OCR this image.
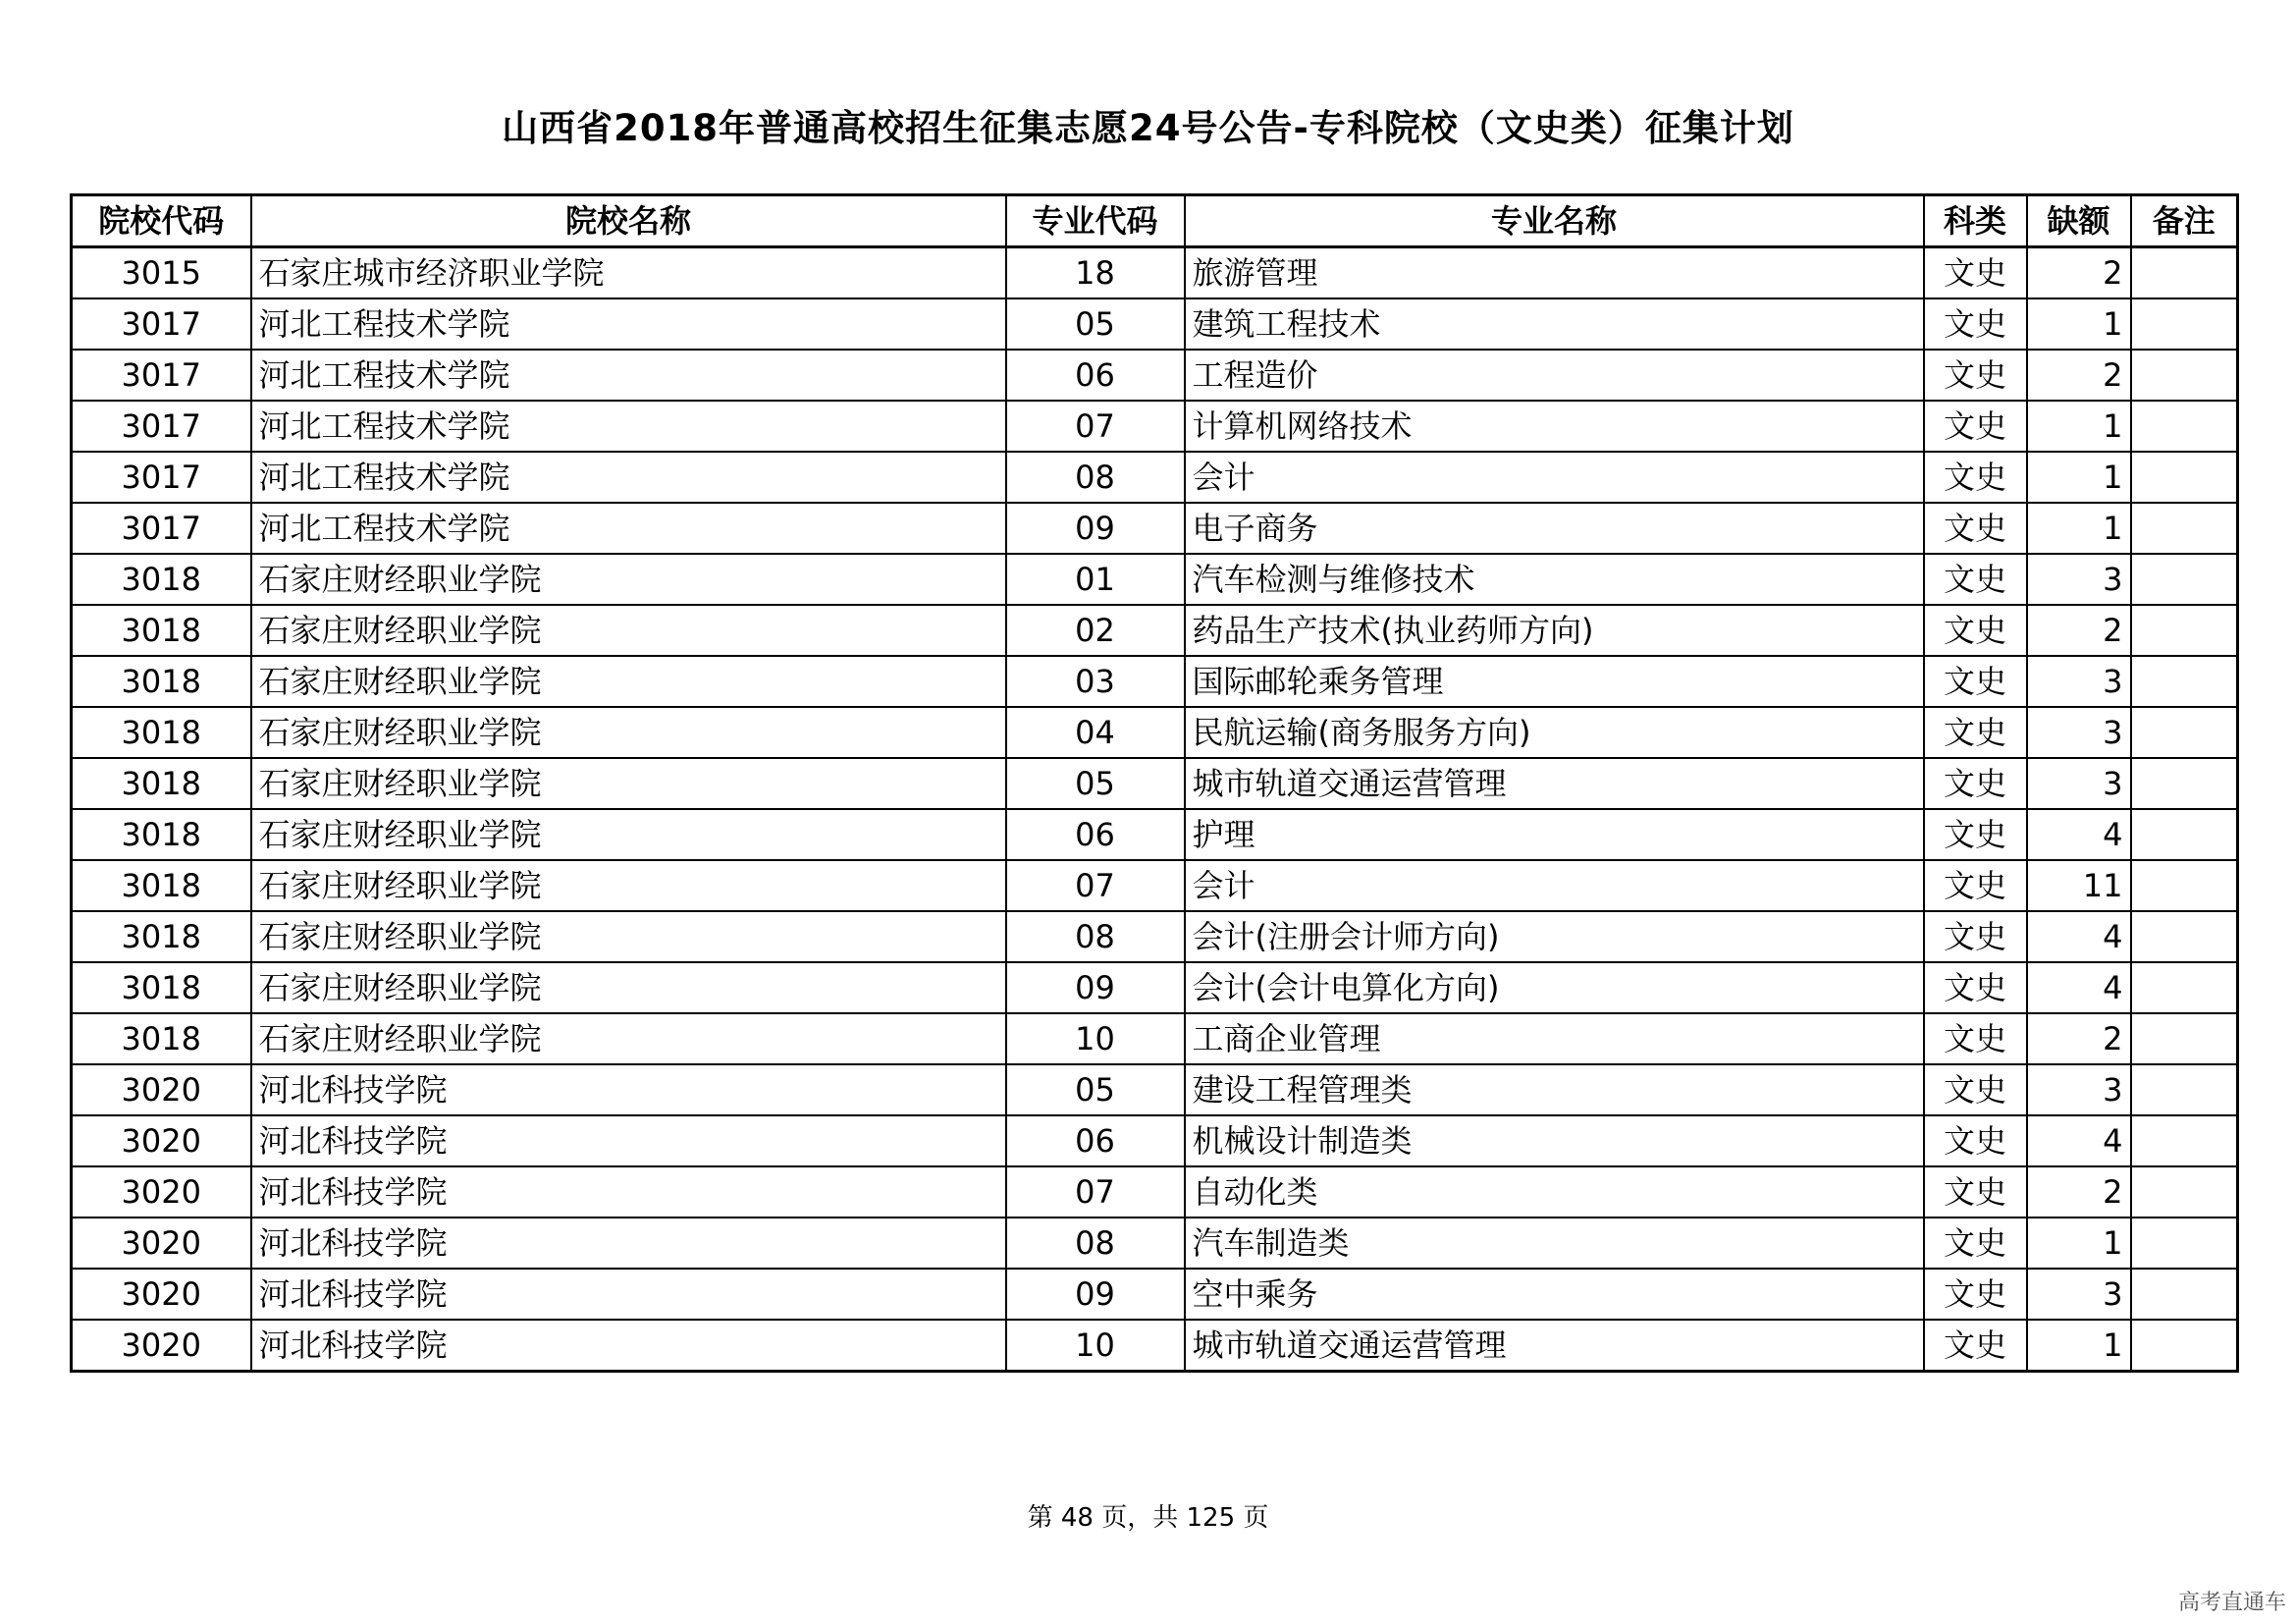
山西省2018年普通高校招生征集志愿24号公告-专科院校（文史类）征集计划
院校代码	院校名称	专业代码	专业名称	科类	缺额	备注
3015	石家庄城市经济职业学院	18	旅游管理	文史	2	
3017	河北工程技术学院	05	建筑工程技术	文史	1	
3017	河北工程技术学院	06	工程造价	文史	2	
3017	河北工程技术学院	07	计算机网络技术	文史	1	
3017	河北工程技术学院	08	会计	文史	1	
3017	河北工程技术学院	09	电子商务	文史	1	
3018	石家庄财经职业学院	01	汽车检测与维修技术	文史	3	
3018	石家庄财经职业学院	02	药品生产技术(执业药师方向)	文史	2	
3018	石家庄财经职业学院	03	国际邮轮乘务管理	文史	3	
3018	石家庄财经职业学院	04	民航运输(商务服务方向)	文史	3	
3018	石家庄财经职业学院	05	城市轨道交通运营管理	文史	3	
3018	石家庄财经职业学院	06	护理	文史	4	
3018	石家庄财经职业学院	07	会计	文史	11	
3018	石家庄财经职业学院	08	会计(注册会计师方向)	文史	4	
3018	石家庄财经职业学院	09	会计(会计电算化方向)	文史	4	
3018	石家庄财经职业学院	10	工商企业管理	文史	2	
3020	河北科技学院	05	建设工程管理类	文史	3	
3020	河北科技学院	06	机械设计制造类	文史	4	
3020	河北科技学院	07	自动化类	文史	2	
3020	河北科技学院	08	汽车制造类	文史	1	
3020	河北科技学院	09	空中乘务	文史	3	
3020	河北科技学院	10	城市轨道交通运营管理	文史	1	
第 48 页，共 125 页
高考直通车
